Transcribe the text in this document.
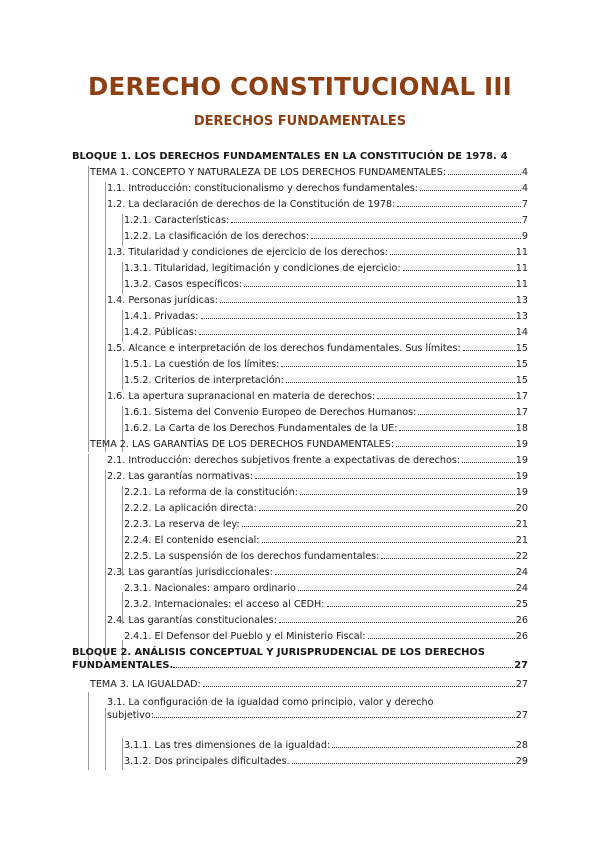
DERECHO CONSTITUCIONAL III
DERECHOS FUNDAMENTALES
BLOQUE 1. LOS DERECHOS FUNDAMENTALES EN LA CONSTITUCIÓN DE 1978. 4
TEMA 1. CONCEPTO Y NATURALEZA DE LOS DERECHOS FUNDAMENTALES:	4
1.1. Introducción: constitucionalismo y derechos fundamentales:	4
1.2. La declaración de derechos de la Constitución de 1978:	7
1.2.1. Características:	7
1.2.2. La clasificación de los derechos:	9
1.3. Titularidad y condiciones de ejercicio de los derechos:	11
1.3.1. Titularidad, legitimación y condiciones de ejercicio:	11
1.3.2. Casos específicos:	11
1.4. Personas jurídicas:	13
1.4.1. Privadas:	13
1.4.2. Públicas:	14
1.5. Alcance e interpretación de los derechos fundamentales. Sus límites:	15
1.5.1. La cuestión de los límites:	15
1.5.2. Criterios de interpretación:	15
1.6. La apertura supranacional en materia de derechos:	17
1.6.1. Sistema del Convenio Europeo de Derechos Humanos:	17
1.6.2. La Carta de los Derechos Fundamentales de la UE:	18
TEMA 2. LAS GARANTÍAS DE LOS DERECHOS FUNDAMENTALES:	19
2.1. Introducción: derechos subjetivos frente a expectativas de derechos:	19
2.2. Las garantías normativas:	19
2.2.1. La reforma de la constitución:	19
2.2.2. La aplicación directa:	20
2.2.3. La reserva de ley:	21
2.2.4. El contenido esencial:	21
2.2.5. La suspensión de los derechos fundamentales:	22
2.3. Las garantías jurisdiccionales:	24
2.3.1. Nacionales: amparo ordinario	24
2.3.2. Internacionales: el acceso al CEDH:	25
2.4. Las garantías constitucionales:	26
2.4.1. El Defensor del Pueblo y el Ministerio Fiscal:	26
BLOQUE 2. ANÁLISIS CONCEPTUAL Y JURISPRUDENCIAL DE LOS DERECHOS
FUNDAMENTALES.	27
TEMA 3. LA IGUALDAD:	27
3.1. La configuración de la igualdad como principio, valor y derecho
subjetivo:	27
3.1.1. Las tres dimensiones de la igualdad:	28
3.1.2. Dos principales dificultades.	29
